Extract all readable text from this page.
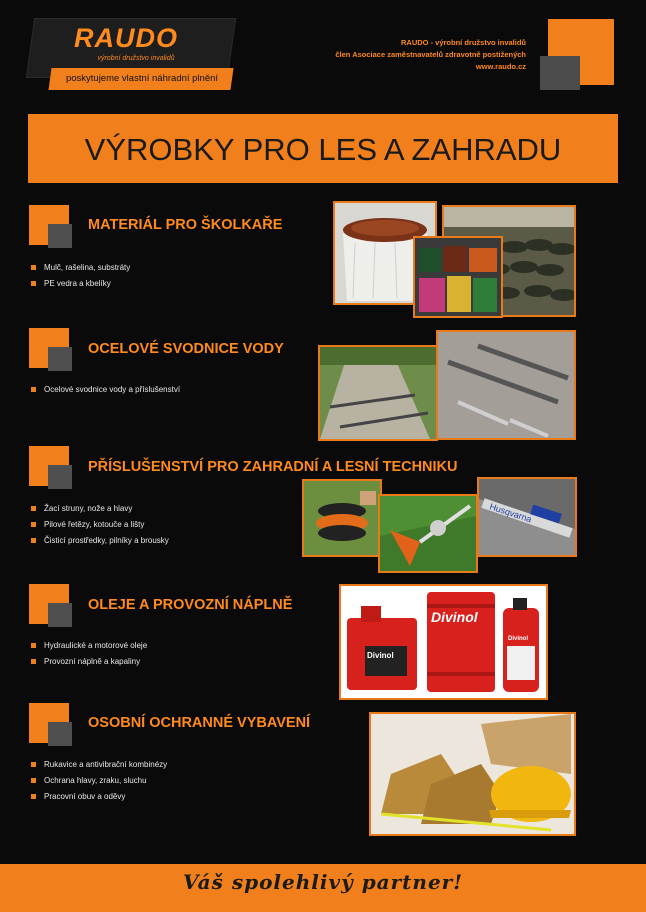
RAUDO
výrobní družstvo invalidů
poskytujeme vlastní náhradní plnění
RAUDO - výrobní družstvo invalidů
člen Asociace zaměstnavatelů zdravotně postižených
www.raudo.cz
VÝROBKY PRO LES A ZAHRADU
MATERIÁL PRO ŠKOLKAŘE
Mulč, rašelina, substráty
PE vedra a kbelíky
OCELOVÉ SVODNICE VODY
Ocelové svodnice vody a příslušenství
PŘÍSLUŠENSTVÍ PRO ZAHRADNÍ A LESNÍ TECHNIKU
Žací struny, nože a hlavy
Pilové řetězy, kotouče a lišty
Čisticí prostředky, pilníky a brousky
Husqvarna
OLEJE A PROVOZNÍ NÁPLNĚ
Hydraulické a motorové oleje
Provozní náplně a kapaliny
Divinol
Divinol
Divinol
OSOBNÍ OCHRANNÉ VYBAVENÍ
Rukavice a antivibrační kombinézy
Ochrana hlavy, zraku, sluchu
Pracovní obuv a oděvy
Váš spolehlivý partner!
